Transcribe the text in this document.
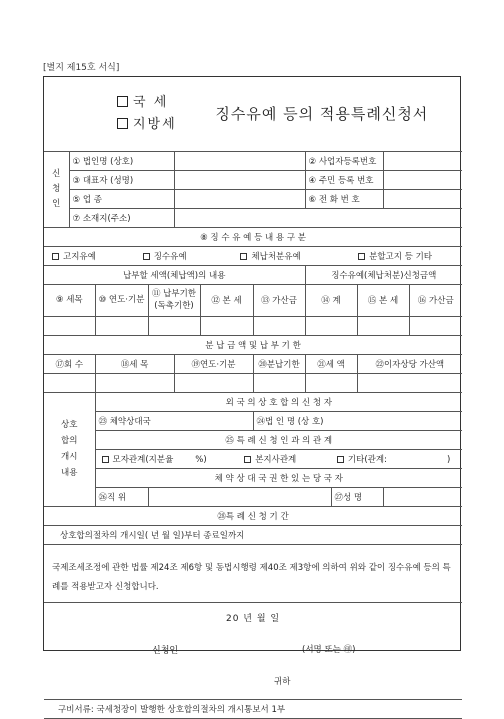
[별지 제15호 서식]
국 세
지방세 징수유예 등의 적용특례신청서											
신 청 인	① 법인명 (상호)						② 사업자등록번호				
	③ 대표자 (성명)						④ 주민 등록 번호				
	⑤ 업 종						⑥ 전 화 번 호				
	⑦ 소재지(주소)										
⑧ 징 수 유 예 등 내 용 구 분											
고지유예 징수유예 체납처분유예 분할고지 등 기타											
납부할 세액(체납액)의 내용							징수유예(체납처분)신청금액				
⑨ 세목		⑩ 연도·기분	⑪ 납부기한 (독촉기한)		⑫ 본 세	⑬ 가산금	⑭ 계		⑮ 본 세		⑯ 가산금

분 납 금 액 및 납 부 기 한											
⑰회 수		⑱세 목		⑲연도·기분		⑳분납기한	㉑세 액		㉒이자상당 가산액		

상호 합의 개시 내용		외 국 의 상 호 합 의 신 청 자									
		㉓ 체약상대국				㉔법 인 명 (상 호)					
		㉕ 특 례 신 청 인 과 의 관 계									
		모자관계(지분율 %) 본지사관계 기타(관계: )									
		체 약 상 대 국 권 한 있 는 당 국 자									
		㉖직 위						㉗성 명			
㉘특 례 신 청 기 간											
상호합의절차의 개시일( 년 월 일)부터 종료일까지											
국제조세조정에 관한 법률 제24조 제6항 및 동법시행령 제40조 제3항에 의하여 위와 같이 징수유예 등의 특례를 적용받고자 신청합니다.											

20 년 월 일
신청인 (서명 또는 ㊞)
귀하											

구비서류: 국세청장이 발행한 상호합의절차의 개시통보서 1부											
